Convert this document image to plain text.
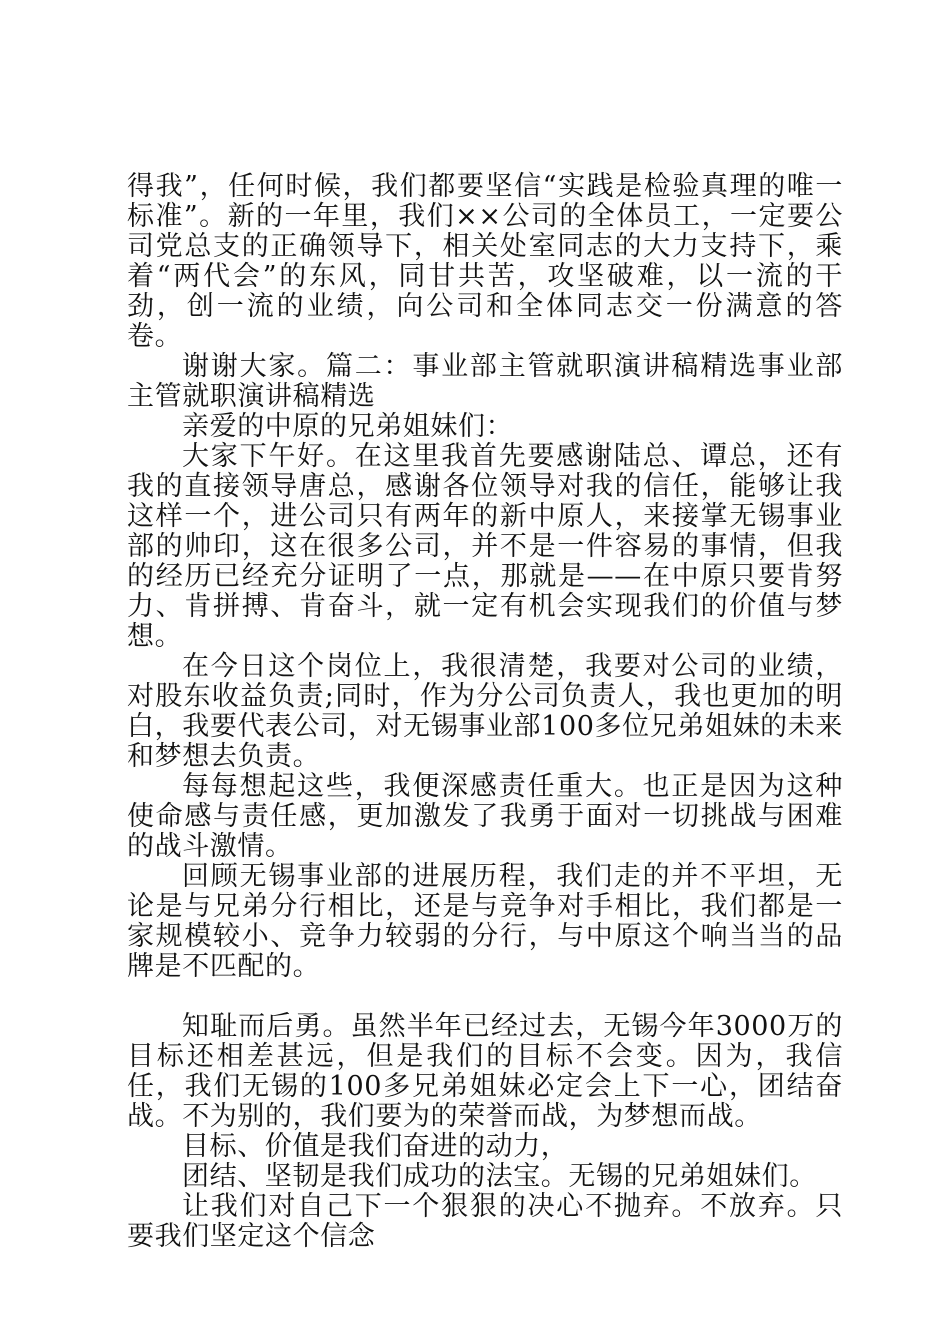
得我”，任何时候，我们都要坚信“实践是检验真理的唯一标准”。新的一年里，我们××公司的全体员工，一定要公司党总支的正确领导下，相关处室同志的大力支持下，乘着“两代会”的东风，同甘共苦，攻坚破难，以一流的干劲，创一流的业绩，向公司和全体同志交一份满意的答卷。

谢谢大家。篇二：事业部主管就职演讲稿精选事业部主管就职演讲稿精选

亲爱的中原的兄弟姐妹们：

大家下午好。在这里我首先要感谢陆总、谭总，还有我的直接领导唐总，感谢各位领导对我的信任，能够让我这样一个，进公司只有两年的新中原人，来接掌无锡事业部的帅印，这在很多公司，并不是一件容易的事情，但我的经历已经充分证明了一点，那就是——在中原只要肯努力、肯拼搏、肯奋斗，就一定有机会实现我们的价值与梦想。

在今日这个岗位上，我很清楚，我要对公司的业绩，对股东收益负责;同时，作为分公司负责人，我也更加的明白，我要代表公司，对无锡事业部100多位兄弟姐妹的未来和梦想去负责。

每每想起这些，我便深感责任重大。也正是因为这种使命感与责任感，更加激发了我勇于面对一切挑战与困难的战斗激情。

回顾无锡事业部的进展历程，我们走的并不平坦，无论是与兄弟分行相比，还是与竞争对手相比，我们都是一家规模较小、竞争力较弱的分行，与中原这个响当当的品牌是不匹配的。

知耻而后勇。虽然半年已经过去，无锡今年3000万的目标还相差甚远，但是我们的目标不会变。因为，我信任，我们无锡的100多兄弟姐妹必定会上下一心，团结奋战。不为别的，我们要为的荣誉而战，为梦想而战。

目标、价值是我们奋进的动力，

团结、坚韧是我们成功的法宝。无锡的兄弟姐妹们。

让我们对自己下一个狠狠的决心不抛弃。不放弃。只要我们坚定这个信念
